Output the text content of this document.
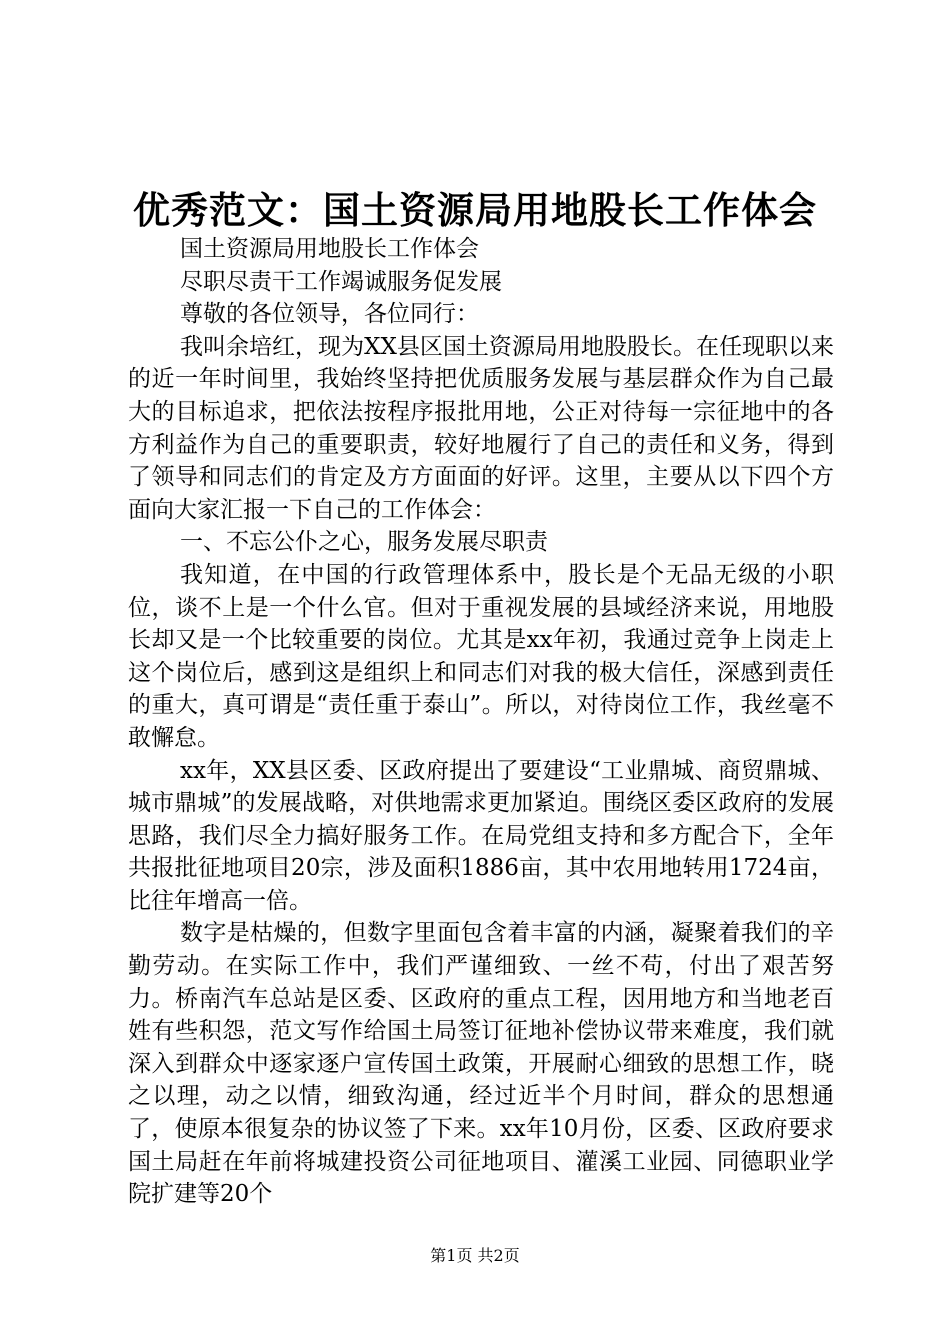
优秀范文：国土资源局用地股长工作体会

国土资源局用地股长工作体会

尽职尽责干工作竭诚服务促发展

尊敬的各位领导，各位同行：

我叫余培红，现为XX县区国土资源局用地股股长。在任现职以来的近一年时间里，我始终坚持把优质服务发展与基层群众作为自己最大的目标追求，把依法按程序报批用地，公正对待每一宗征地中的各方利益作为自己的重要职责，较好地履行了自己的责任和义务，得到了领导和同志们的肯定及方方面面的好评。这里，主要从以下四个方面向大家汇报一下自己的工作体会：

一、不忘公仆之心，服务发展尽职责

我知道，在中国的行政管理体系中，股长是个无品无级的小职位，谈不上是一个什么官。但对于重视发展的县域经济来说，用地股长却又是一个比较重要的岗位。尤其是xx年初，我通过竞争上岗走上这个岗位后，感到这是组织上和同志们对我的极大信任，深感到责任的重大，真可谓是“责任重于泰山”。所以，对待岗位工作，我丝毫不敢懈怠。

xx年，XX县区委、区政府提出了要建设“工业鼎城、商贸鼎城、城市鼎城”的发展战略，对供地需求更加紧迫。围绕区委区政府的发展思路，我们尽全力搞好服务工作。在局党组支持和多方配合下，全年共报批征地项目20宗，涉及面积1886亩，其中农用地转用1724亩，比往年增高一倍。

数字是枯燥的，但数字里面包含着丰富的内涵，凝聚着我们的辛勤劳动。在实际工作中，我们严谨细致、一丝不苟，付出了艰苦努力。桥南汽车总站是区委、区政府的重点工程，因用地方和当地老百姓有些积怨，范文写作给国土局签订征地补偿协议带来难度，我们就深入到群众中逐家逐户宣传国土政策，开展耐心细致的思想工作，晓之以理，动之以情，细致沟通，经过近半个月时间，群众的思想通了，使原本很复杂的协议签了下来。xx年10月份，区委、区政府要求国土局赶在年前将城建投资公司征地项目、灌溪工业园、同德职业学院扩建等20个

第1页 共2页
